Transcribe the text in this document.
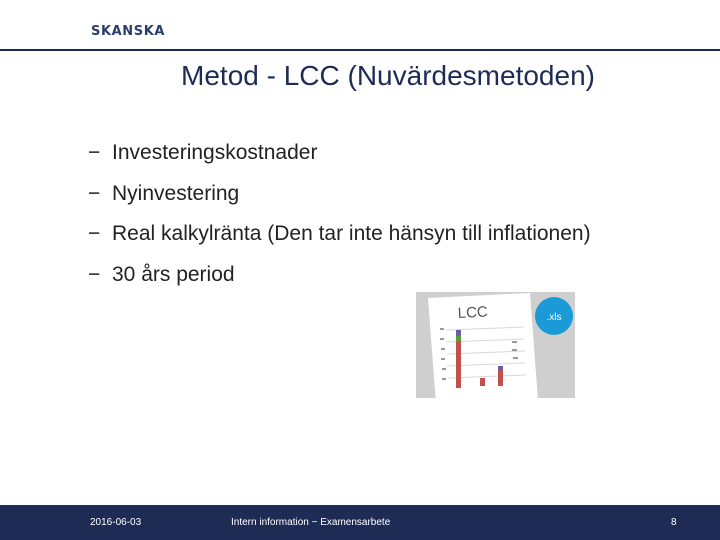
SKANSKA
Metod - LCC (Nuvärdesmetoden)
− Investeringskostnader
− Nyinvestering
− Real kalkylränta (Den tar inte hänsyn till inflationen)
− 30 års period
LCC	.xls
2016-06-03	Intern information − Examensarbete	8
